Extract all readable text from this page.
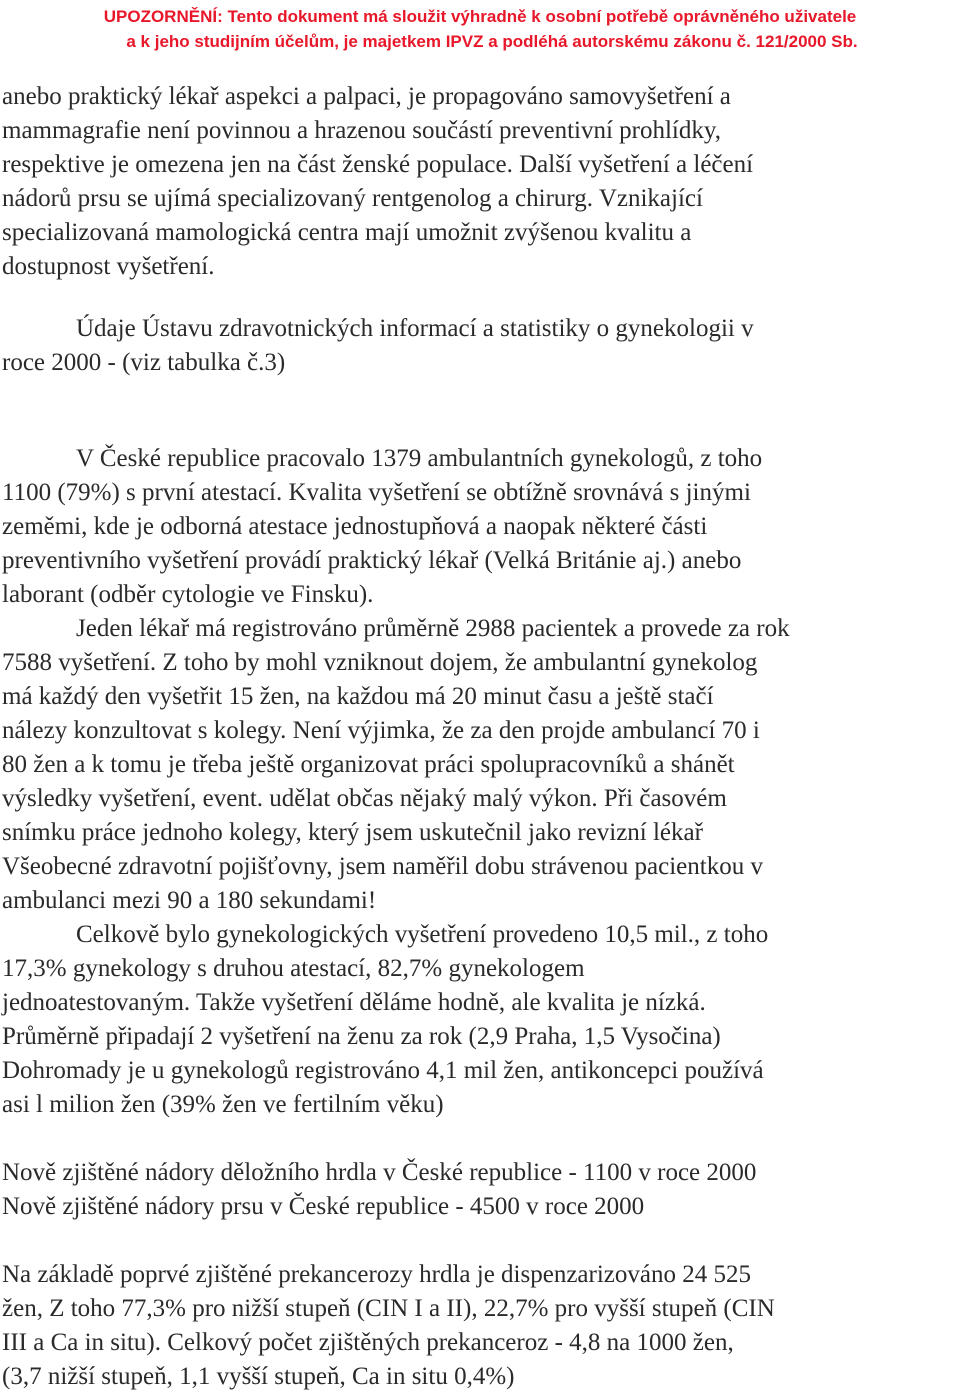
UPOZORNĚNÍ: Tento dokument má sloužit výhradně k osobní potřebě oprávněného uživatele
a k jeho studijním účelům, je majetkem IPVZ a podléhá autorskému zákonu č. 121/2000 Sb.

anebo praktický lékař aspekci a palpaci, je propagováno samovyšetření a
mammagrafie není povinnou a hrazenou součástí preventivní prohlídky,
respektive je omezena jen na část ženské populace. Další vyšetření a léčení
nádorů prsu se ujímá specializovaný rentgenolog a chirurg. Vznikající
specializovaná mamologická centra mají umožnit zvýšenou kvalitu a
dostupnost vyšetření.

Údaje Ústavu zdravotnických informací a statistiky o gynekologii v
roce 2000 - (viz tabulka č.3)

V České republice pracovalo 1379 ambulantních gynekologů, z toho
1100 (79%) s první atestací. Kvalita vyšetření se obtížně srovnává s jinými
zeměmi, kde je odborná atestace jednostupňová a naopak některé části
preventivního vyšetření provádí praktický lékař (Velká Británie aj.) anebo
laborant (odběr cytologie ve Finsku).

Jeden lékař má registrováno průměrně 2988 pacientek a provede za rok
7588 vyšetření. Z toho by mohl vzniknout dojem, že ambulantní gynekolog
má každý den vyšetřit 15 žen, na každou má 20 minut času a ještě stačí
nálezy konzultovat s kolegy. Není výjimka, že za den projde ambulancí 70 i
80 žen a k tomu je třeba ještě organizovat práci spolupracovníků a shánět
výsledky vyšetření, event. udělat občas nějaký malý výkon. Při časovém
snímku práce jednoho kolegy, který jsem uskutečnil jako revizní lékař
Všeobecné zdravotní pojišťovny, jsem naměřil dobu strávenou pacientkou v
ambulanci mezi 90 a 180 sekundami!

Celkově bylo gynekologických vyšetření provedeno 10,5 mil., z toho
17,3% gynekology s druhou atestací, 82,7% gynekologem
jednoatestovaným. Takže vyšetření děláme hodně, ale kvalita je nízká.
Průměrně připadají 2 vyšetření na ženu za rok (2,9 Praha, 1,5 Vysočina)
Dohromady je u gynekologů registrováno 4,1 mil žen, antikoncepci používá
asi l milion žen (39% žen ve fertilním věku)

Nově zjištěné nádory děložního hrdla v České republice - 1100 v roce 2000
Nově zjištěné nádory prsu v České republice - 4500 v roce 2000

Na základě poprvé zjištěné prekancerozy hrdla je dispenzarizováno 24 525
žen, Z toho 77,3% pro nižší stupeň (CIN I a II), 22,7% pro vyšší stupeň (CIN
III a Ca in situ). Celkový počet zjištěných prekanceroz - 4,8 na 1000 žen,
(3,7 nižší stupeň, 1,1 vyšší stupeň, Ca in situ 0,4%)
